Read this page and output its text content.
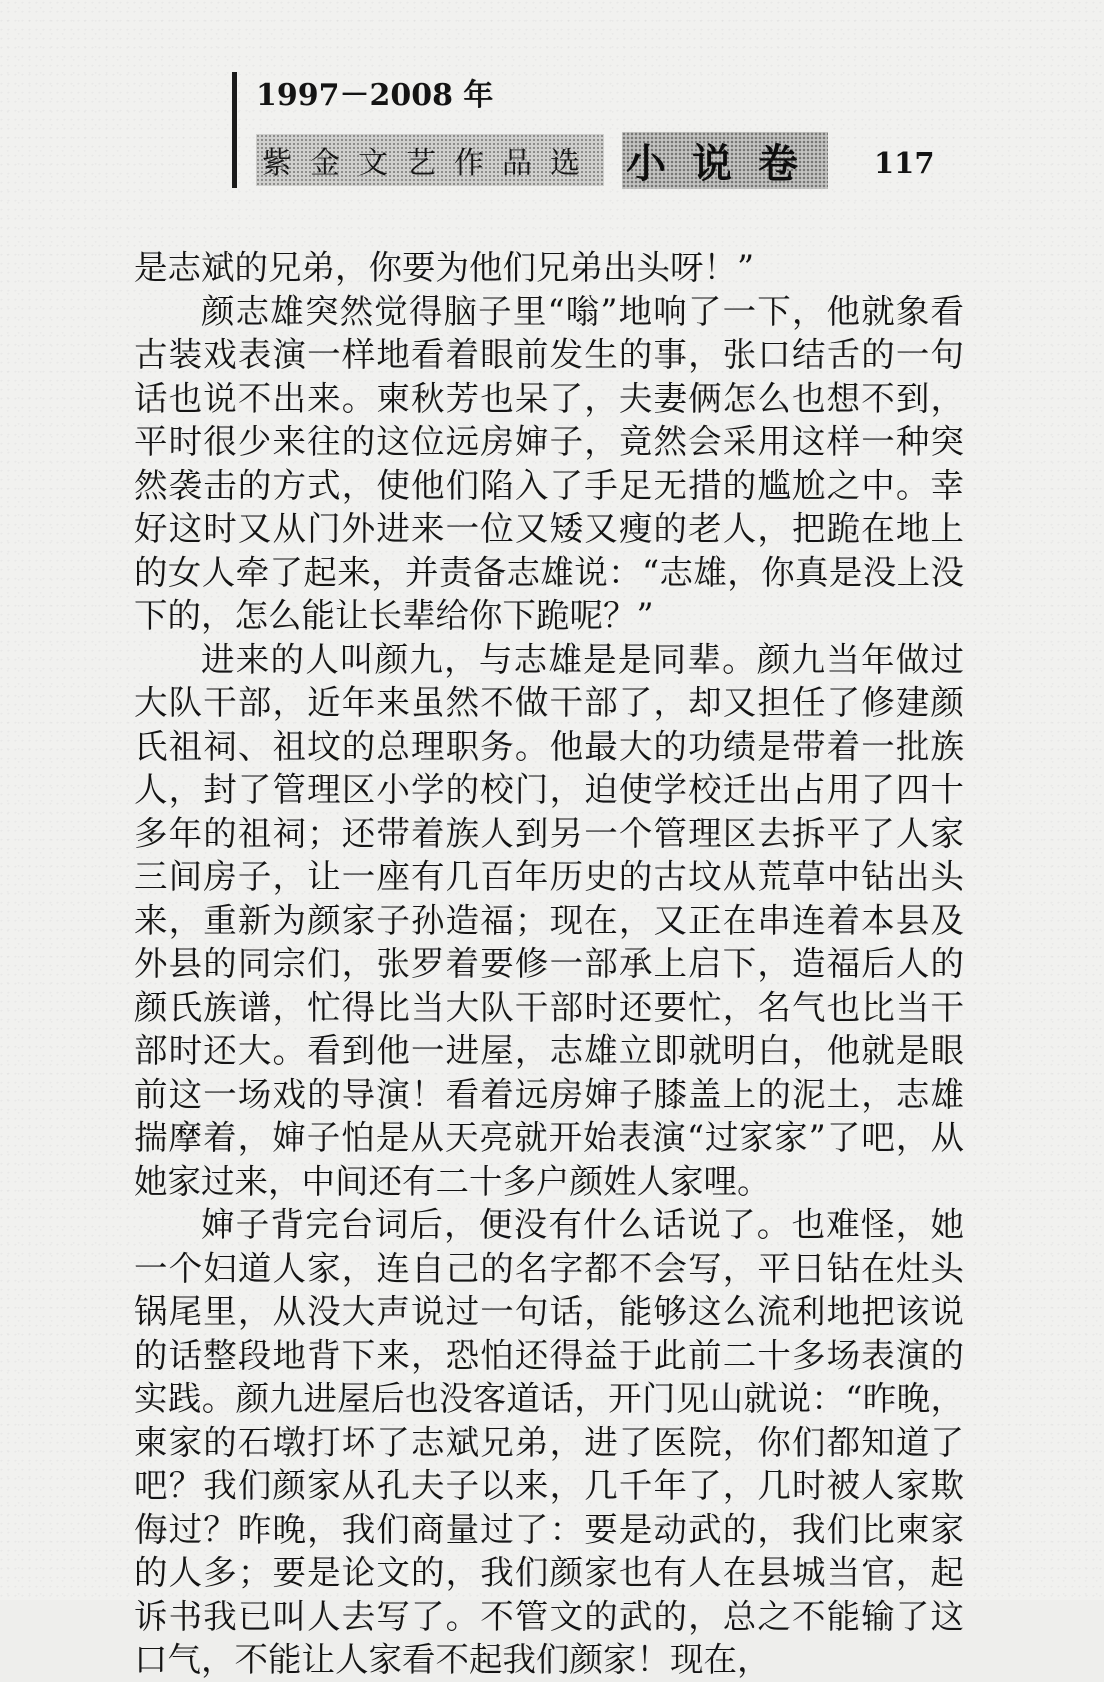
1997－2008 年
紫金文艺作品选 小说卷 117

是志斌的兄弟，你要为他们兄弟出头呀！”

颜志雄突然觉得脑子里“嗡”地响了一下，他就象看古装戏表演一样地看着眼前发生的事，张口结舌的一句话也说不出来。柬秋芳也呆了，夫妻俩怎么也想不到，平时很少来往的这位远房婶子，竟然会采用这样一种突然袭击的方式，使他们陷入了手足无措的尴尬之中。幸好这时又从门外进来一位又矮又瘦的老人，把跪在地上的女人牵了起来，并责备志雄说：“志雄，你真是没上没下的，怎么能让长辈给你下跪呢？”

进来的人叫颜九，与志雄是是同辈。颜九当年做过大队干部，近年来虽然不做干部了，却又担任了修建颜氏祖祠、祖坟的总理职务。他最大的功绩是带着一批族人，封了管理区小学的校门，迫使学校迁出占用了四十多年的祖祠；还带着族人到另一个管理区去拆平了人家三间房子，让一座有几百年历史的古坟从荒草中钻出头来，重新为颜家子孙造福；现在，又正在串连着本县及外县的同宗们，张罗着要修一部承上启下，造福后人的颜氏族谱，忙得比当大队干部时还要忙，名气也比当干部时还大。看到他一进屋，志雄立即就明白，他就是眼前这一场戏的导演！看着远房婶子膝盖上的泥土，志雄揣摩着，婶子怕是从天亮就开始表演“过家家”了吧，从她家过来，中间还有二十多户颜姓人家哩。

婶子背完台词后，便没有什么话说了。也难怪，她一个妇道人家，连自己的名字都不会写，平日钻在灶头锅尾里，从没大声说过一句话，能够这么流利地把该说的话整段地背下来，恐怕还得益于此前二十多场表演的实践。颜九进屋后也没客道话，开门见山就说：“昨晚，柬家的石墩打坏了志斌兄弟，进了医院，你们都知道了吧？我们颜家从孔夫子以来，几千年了，几时被人家欺侮过？昨晚，我们商量过了：要是动武的，我们比柬家的人多；要是论文的，我们颜家也有人在县城当官，起诉书我已叫人去写了。不管文的武的，总之不能输了这口气，不能让人家看不起我们颜家！现在，
